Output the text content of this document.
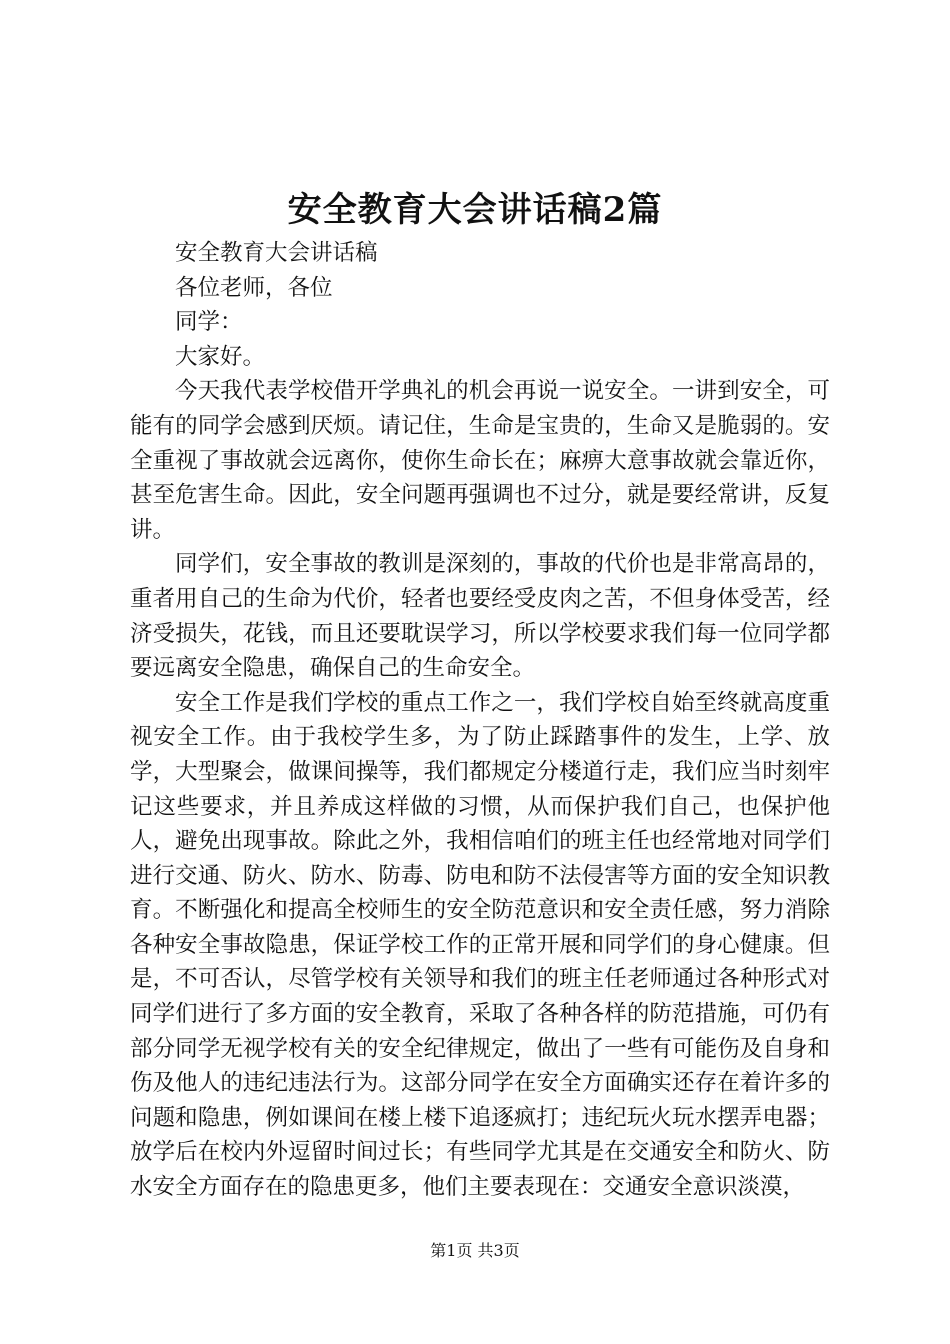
安全教育大会讲话稿2篇

安全教育大会讲话稿

各位老师，各位

同学：

大家好。

今天我代表学校借开学典礼的机会再说一说安全。一讲到安全，可能有的同学会感到厌烦。请记住，生命是宝贵的，生命又是脆弱的。安全重视了事故就会远离你，使你生命长在；麻痹大意事故就会靠近你，甚至危害生命。因此，安全问题再强调也不过分，就是要经常讲，反复讲。

同学们，安全事故的教训是深刻的，事故的代价也是非常高昂的，重者用自己的生命为代价，轻者也要经受皮肉之苦，不但身体受苦，经济受损失，花钱，而且还要耽误学习，所以学校要求我们每一位同学都要远离安全隐患，确保自己的生命安全。

安全工作是我们学校的重点工作之一，我们学校自始至终就高度重视安全工作。由于我校学生多，为了防止踩踏事件的发生，上学、放学，大型聚会，做课间操等，我们都规定分楼道行走，我们应当时刻牢记这些要求，并且养成这样做的习惯，从而保护我们自己，也保护他人，避免出现事故。除此之外，我相信咱们的班主任也经常地对同学们进行交通、防火、防水、防毒、防电和防不法侵害等方面的安全知识教育。不断强化和提高全校师生的安全防范意识和安全责任感，努力消除各种安全事故隐患，保证学校工作的正常开展和同学们的身心健康。但是，不可否认，尽管学校有关领导和我们的班主任老师通过各种形式对同学们进行了多方面的安全教育，采取了各种各样的防范措施，可仍有部分同学无视学校有关的安全纪律规定，做出了一些有可能伤及自身和伤及他人的违纪违法行为。这部分同学在安全方面确实还存在着许多的问题和隐患，例如课间在楼上楼下追逐疯打；违纪玩火玩水摆弄电器；放学后在校内外逗留时间过长；有些同学尤其是在交通安全和防火、防水安全方面存在的隐患更多，他们主要表现在：交通安全意识淡漠，

第1页 共3页
